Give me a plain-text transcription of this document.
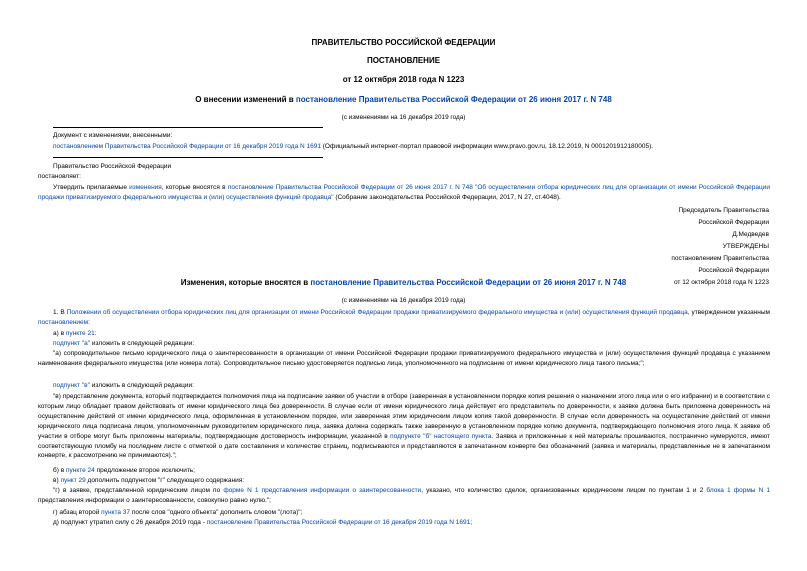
ПРАВИТЕЛЬСТВО РОССИЙСКОЙ ФЕДЕРАЦИИ
ПОСТАНОВЛЕНИЕ
от 12 октября 2018 года N 1223
О внесении изменений в постановление Правительства Российской Федерации от 26 июня 2017 г. N 748
(с изменениями на 16 декабря 2019 года)
Документ с изменениями, внесенными:
постановлением Правительства Российской Федерации от 16 декабря 2019 года N 1691 (Официальный интернет-портал правовой информации www.pravo.gov.ru, 18.12.2019, N 0001201912180005).
Правительство Российской Федерации
постановляет:
Утвердить прилагаемые изменения, которые вносятся в постановление Правительства Российской Федерации от 26 июня 2017 г. N 748 "Об осуществлении отбора юридических лиц для организации от имени Российской Федерации продажи приватизируемого федерального имущества и (или) осуществления функций продавца" (Собрание законодательства Российской Федерации, 2017, N 27, ст.4048).
Председатель Правительства
Российской Федерации
Д.Медведев
УТВЕРЖДЕНЫ
постановлением Правительства
Российской Федерации
от 12 октября 2018 года N 1223
Изменения, которые вносятся в постановление Правительства Российской Федерации от 26 июня 2017 г. N 748
(с изменениями на 16 декабря 2019 года)
1. В Положении об осуществлении отбора юридических лиц для организации от имени Российской Федерации продажи приватизируемого федерального имущества и (или) осуществления функций продавца, утвержденном указанным постановлением:
а) в пункте 21:
подпункт "а" изложить в следующей редакции:
"а) сопроводительное письмо юридического лица о заинтересованности в организации от имени Российской Федерации продажи приватизируемого федерального имущества и (или) осуществления функций продавца с указанием наименования федерального имущества (или номера лота). Сопроводительное письмо удостоверяется подписью лица, уполномоченного на подписание от имени юридического лица такого письма;";
подпункт "в" изложить в следующей редакции:
"в) представление документа, который подтверждается полномочия лица на подписание заявки об участии в отборе (заверенная в установленном порядке копия решения о назначении этого лица или о его избрании) и в соответствии с которым лицо обладает правом действовать от имени юридического лица без доверенности. В случае если от имени юридического лица действует его представитель по доверенности, к заявке должна быть приложена доверенность на осуществление действий от имени юридического лица, оформленная в установленном порядке, или заверенная этим юридическим лицом копия такой доверенности. В случае если доверенность на осуществление действий от имени юридического лица подписана лицом, уполномоченным руководителем юридического лица, заявка должна содержать также заверенную в установленном порядке копию документа, подтверждающего полномочия этого лица. К заявке об участии в отборе могут быть приложены материалы, подтверждающие достоверность информации, указанной в подпункте "б" настоящего пункта. Заявка и приложенные к ней материалы прошиваются, постранично нумеруются, имеют соответствующую пломбу на последнем листе с отметкой о дате составления и количестве страниц, подписываются и представляются в запечатанном конверте без обозначений (заявка и материалы, представленные не в запечатанном конверте, к рассмотрению не принимаются).";
б) в пункте 24 предложение второе исключить;
в) пункт 29 дополнить подпунктом "г" следующего содержания:
"г) в заявке, представленной юридическим лицом по форме N 1 представления информации о заинтересованности, указано, что количество сделок, организованных юридическим лицом по пунктам 1 и 2 блока 1 формы N 1 представления информации о заинтересованности, совокупно равно нулю.";
г) абзац второй пункта 37 после слов "одного объекта" дополнить словом "(лота)";
д) подпункт утратил силу с 26 декабря 2019 года - постановление Правительства Российской Федерации от 16 декабря 2019 года N 1691;
